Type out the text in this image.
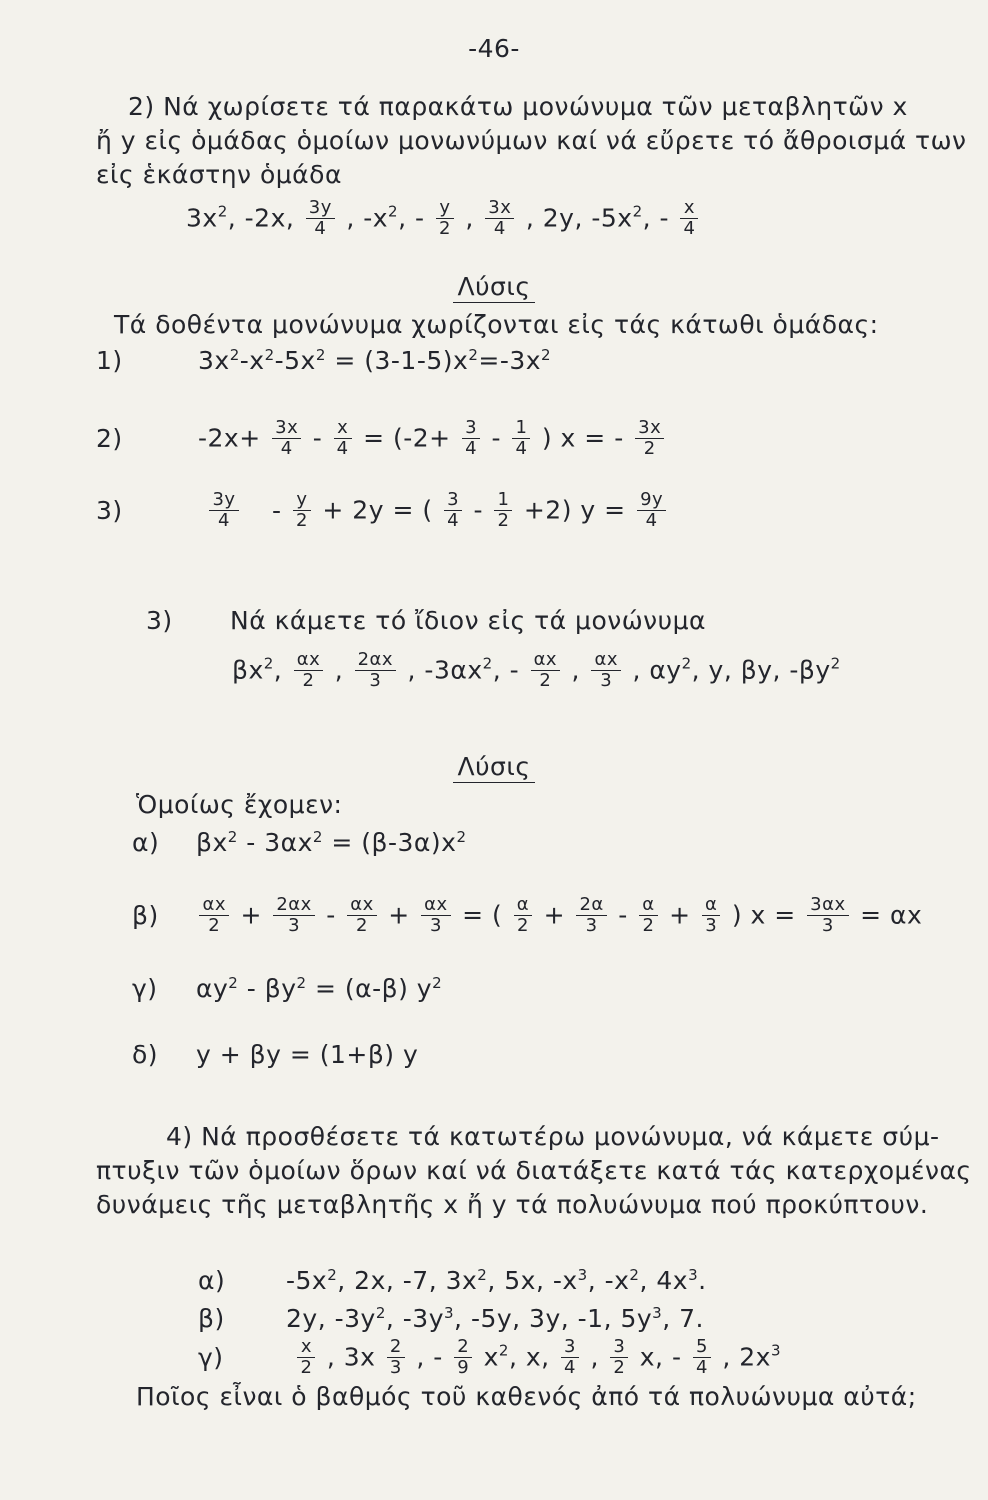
-46-
2) Νά χωρίσετε τά παρακάτω μονώνυμα τῶν μεταβλητῶν x
ἤ y εἰς ὁμάδας ὁμοίων μονωνύμων καί νά εὔρετε τό ἄθροισμά των
εἰς ἑκάστην ὁμάδα
$3x^2$, -2x, $\frac{3y}{4}$ , $-x^2$, - $\frac{y}{2}$ , $\frac{3x}{4}$ , 2y, $-5x^2$, - $\frac{x}{4}$
Λύσις
Τά δοθέντα μονώνυμα χωρίζονται εἰς τάς κάτωθι ὁμάδας:
1)	$3x^2-x^2-5x^2 = (3-1-5)x^2=-3x^2$
2)	$-2x+ \frac{3x}{4} - \frac{x}{4} = (-2+ \frac{3}{4} - \frac{1}{4}$ ) x = - $\frac{3x}{2}$
3)	$\frac{3y}{4} - \frac{y}{2} + 2y$ = ( $\frac{3}{4} - \frac{1}{2} +2$) $y = \frac{9y}{4}$
3) Νά κάμετε τό ἴδιον εἰς τά μονώνυμα
$\beta x^2$, $\frac{\alpha x}{2}$ , $\frac{2\alpha x}{3}$ , $-3\alpha x^2$, - $\frac{\alpha x}{2}$ , $\frac{\alpha x}{3}$ , $\alpha y^2$, y, βy, $-\beta y^2$
Λύσις
Ὁμοίως ἔχομεν:
α) $\beta x^2 - 3\alpha x^2 = (\beta-3\alpha)x^2$
$\beta) \frac{\alpha x}{2} + \frac{2\alpha x}{3} - \frac{\alpha x}{2} + \frac{\alpha x}{3}$ = ( $\frac{\alpha}{2} + \frac{2\alpha}{3} - \frac{\alpha}{2} + \frac{\alpha}{3}$ ) $x = \frac{3\alpha x}{3} = \alpha x$
γ) $\alpha y^2 - \beta y^2 = (\alpha-\beta)$ $y^2$
δ) y + βy = (1+β) y
4) Νά προσθέσετε τά κατωτέρω μονώνυμα, νά κάμετε σύμ-
πτυξιν τῶν ὁμοίων ὅρων καί νά διατάξετε κατά τάς κατερχομένας
δυνάμεις τῆς μεταβλητῆς x ἤ y τά πολυώνυμα πού προκύπτουν.
α) $-5x^2$, 2x, -7, $3x^2$, 5x, $-x^3$, $-x^2$, $4x^3$.
β) 2y, $-3y^2$, $-3y^3$, -5y, 3y, -1, $5y^3$, 7.
γ)	$\frac{x}{2}$ , $3x \frac{2}{3}$ , - $\frac{2}{9} x^2$, x, $\frac{3}{4}$ , $\frac{3}{2} x$, - $\frac{5}{4}$ , $2x^3$
Ποῖος εἶναι ὁ βαθμός τοῦ καθενός ἀπό τά πολυώνυμα αὐτά;
